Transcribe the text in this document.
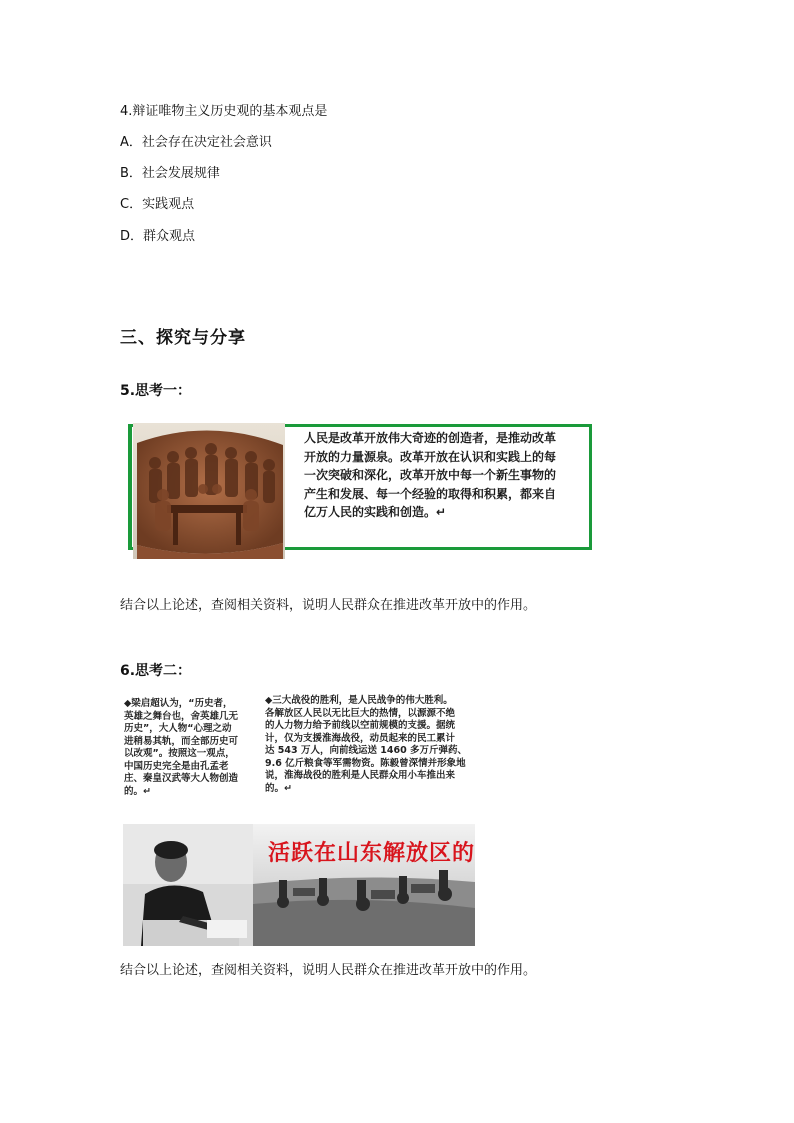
4.辩证唯物主义历史观的基本观点是
A．社会存在决定社会意识
B．社会发展规律
C．实践观点
D．群众观点
三、探究与分享
5.思考一：
人民是改革开放伟大奇迹的创造者，是推动改革
开放的力量源泉。改革开放在认识和实践上的每
一次突破和深化，改革开放中每一个新生事物的
产生和发展、每一个经验的取得和积累，都来自
亿万人民的实践和创造。↵
结合以上论述，查阅相关资料，说明人民群众在推进改革开放中的作用。
6.思考二：
◆梁启超认为，“历史者，
英雄之舞台也，舍英雄几无
历史”，大人物“心理之动
进稍易其轨，而全部历史可
以改观”。按照这一观点，
中国历史完全是由孔孟老
庄、秦皇汉武等大人物创造
的。↵
◆三大战役的胜利，是人民战争的伟大胜利。
各解放区人民以无比巨大的热情，以源源不绝
的人力物力给予前线以空前规模的支援。据统
计，仅为支援淮海战役，动员起来的民工累计
达 543 万人，向前线运送 1460 多万斤弹药、
9.6 亿斤粮食等军需物资。陈毅曾深情并形象地
说，淮海战役的胜利是人民群众用小车推出来
的。↵
活跃在山东解放区的
结合以上论述，查阅相关资料，说明人民群众在推进改革开放中的作用。
